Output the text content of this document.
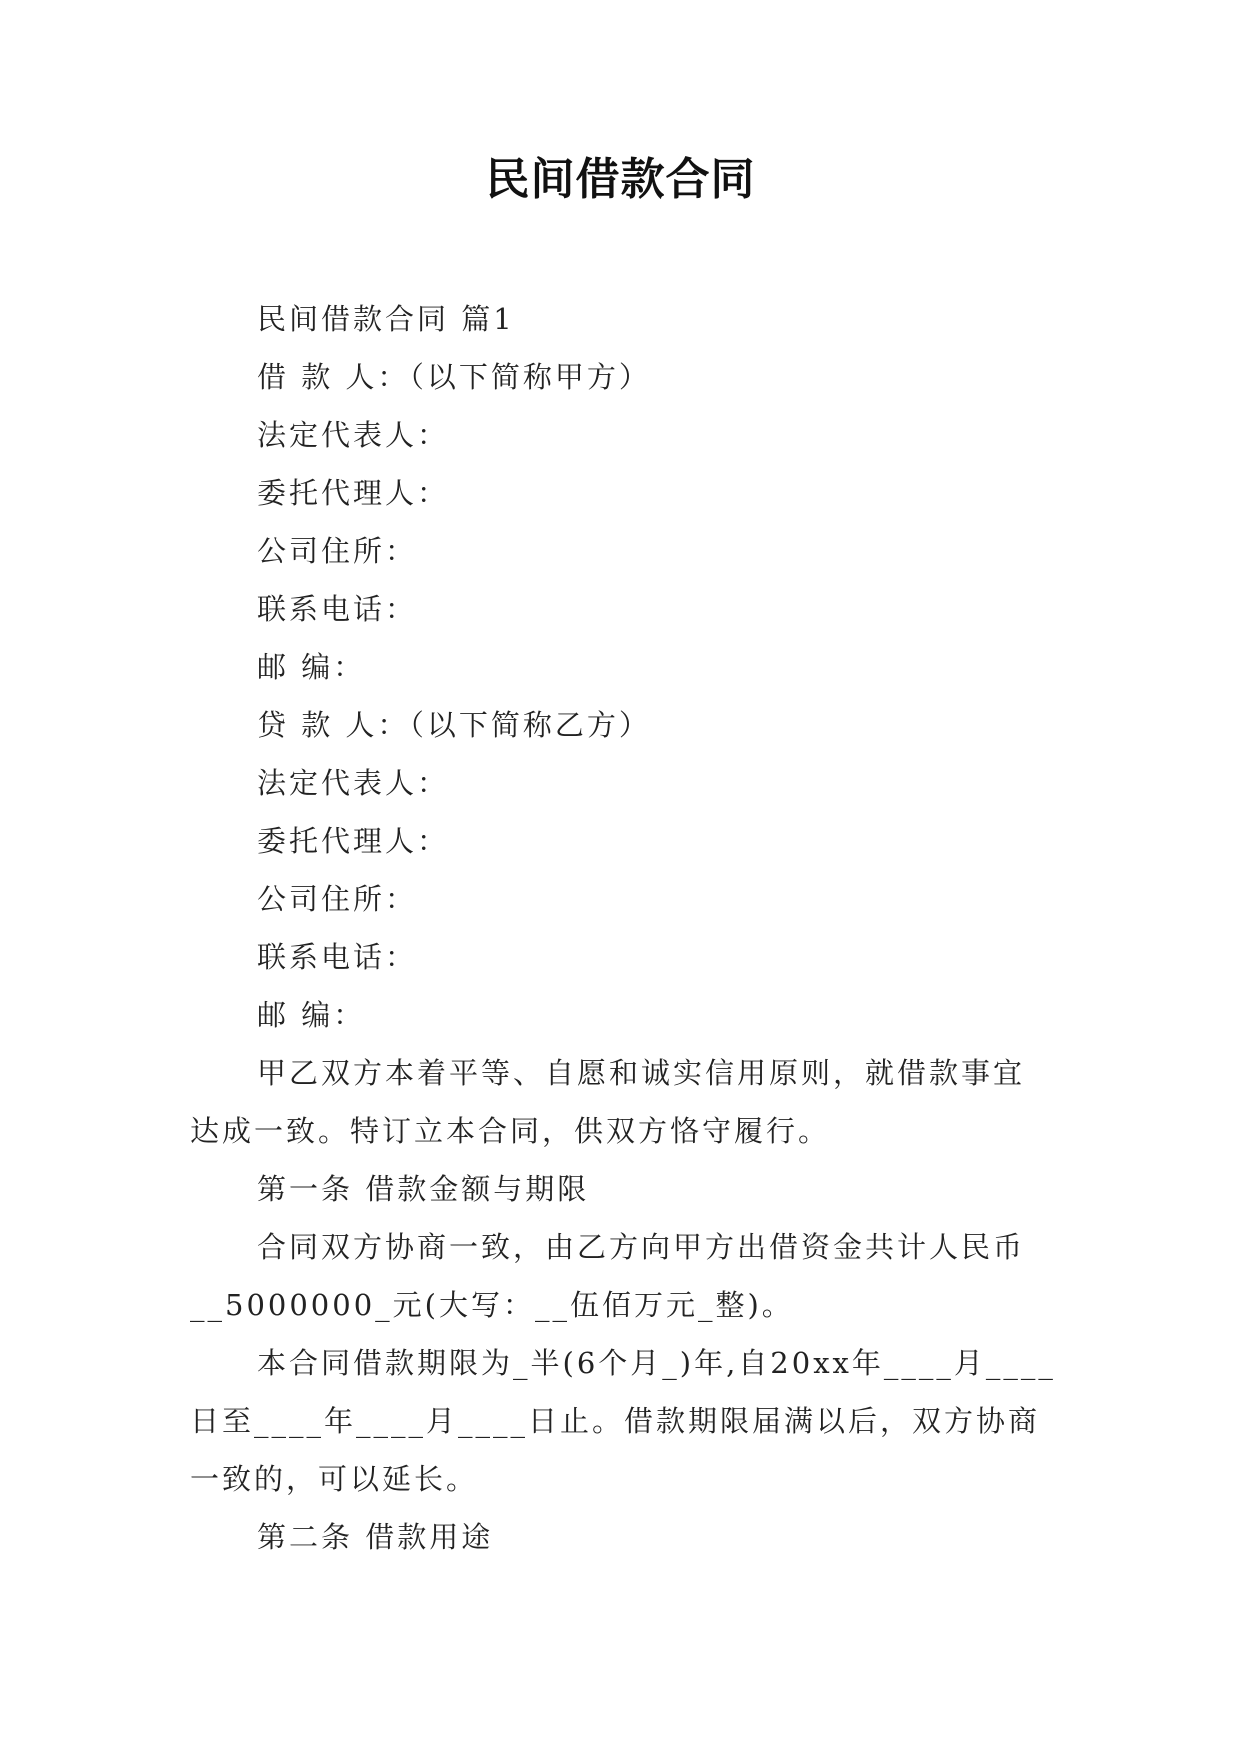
民间借款合同

民间借款合同 篇1

借 款 人：（以下简称甲方）

法定代表人：

委托代理人：

公司住所：

联系电话：

邮 编：

贷 款 人：（以下简称乙方）

法定代表人：

委托代理人：

公司住所：

联系电话：

邮 编：

甲乙双方本着平等、自愿和诚实信用原则，就借款事宜

达成一致。特订立本合同，供双方恪守履行。

第一条 借款金额与期限

合同双方协商一致，由乙方向甲方出借资金共计人民币

__5000000_元(大写：__伍佰万元_整)。

本合同借款期限为_半(6个月_)年,自20xx年____月____

日至____年____月____日止。借款期限届满以后，双方协商

一致的，可以延长。

第二条 借款用途
